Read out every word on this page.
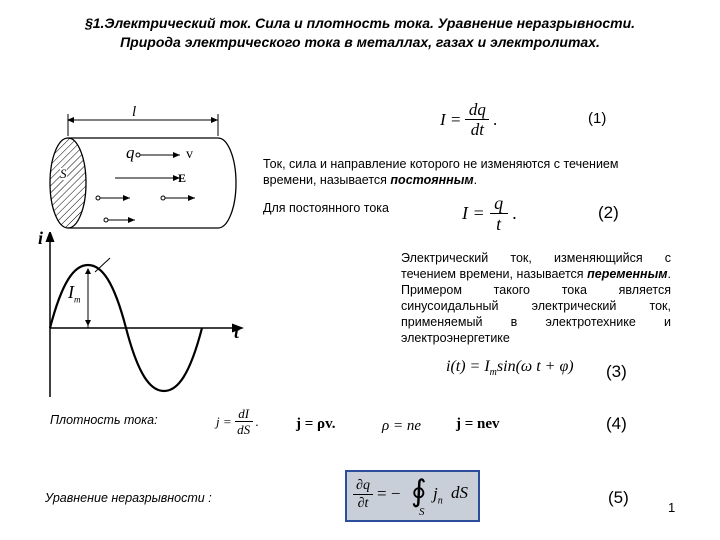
§1.Электрический ток. Сила и плотность тока. Уравнение неразрывности. Природа электрического тока в металлах, газах и электролитах.
l
q	v
E
S
i
t
$I_m$
$I = \frac{dq}{dt}$ .	(1)
Ток, сила и направление которого не изменяются с течением времени, называется постоянным.
Для постоянного тока	$I = \frac{q}{t}$ .	(2)
Электрический ток, изменяющийся с течением времени, называется переменным. Примером такого тока является синусоидальный электрический ток, применяемый в электротехнике и электроэнергетике
$i(t) = I_m\sin(\omega$ t + φ) (3)
Плотность тока:	$j = \frac{dI}{dS}$ . j = ρv.	ρ = ne j = nev	(4)
Уравнение неразрывности :
∂q
∂t
= − ∮
S
$j_n$ dS	(5)
1
